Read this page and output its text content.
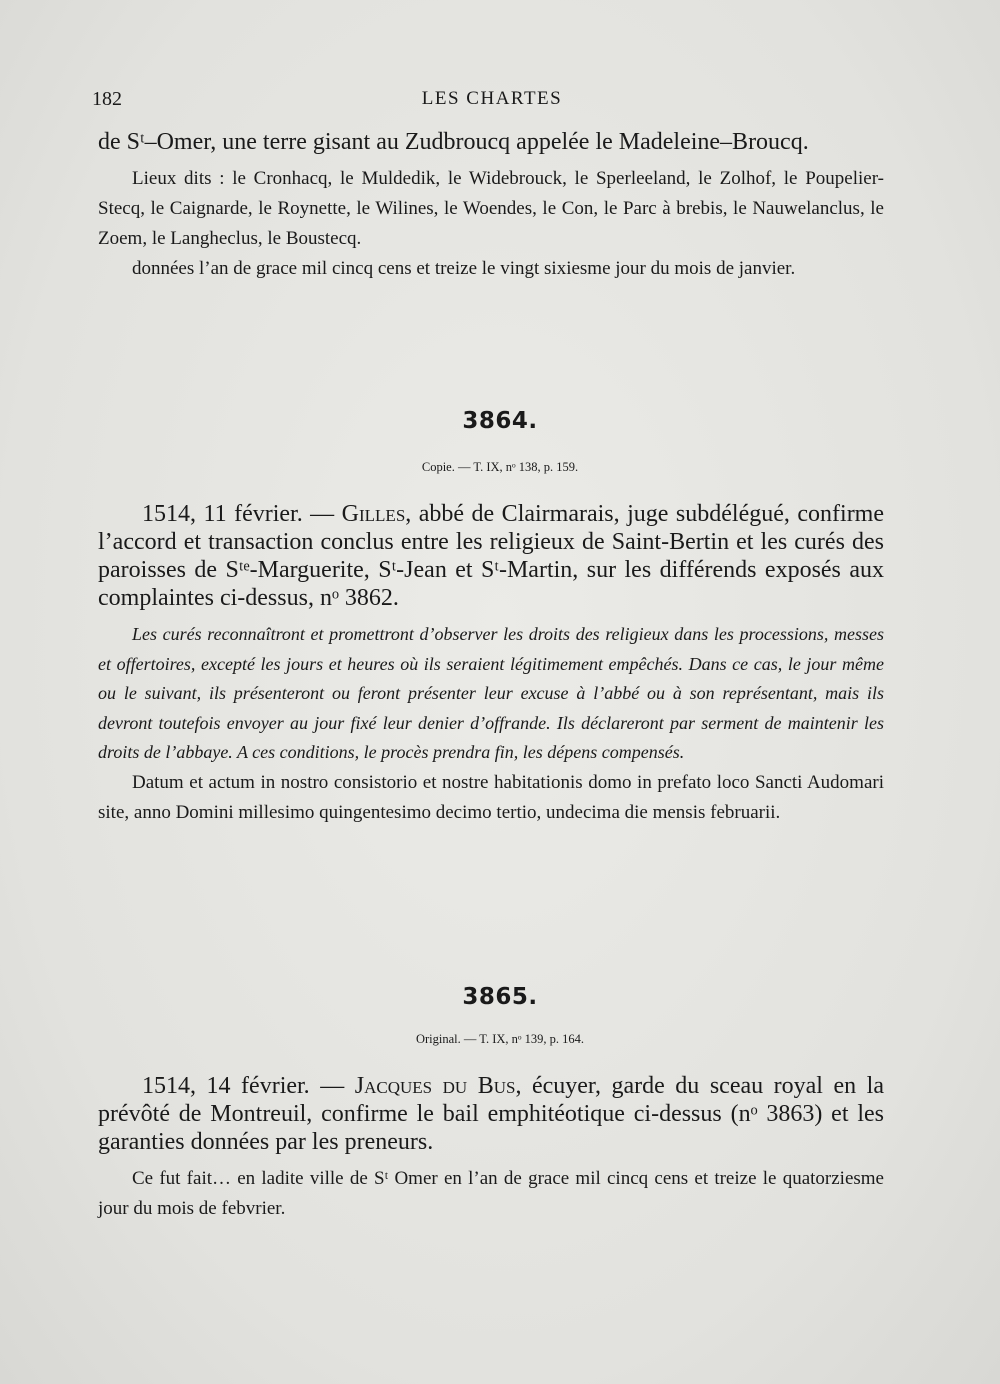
182	LES CHARTES

de Sᵗ–Omer, une terre gisant au Zudbroucq appelée le Madeleine–Broucq.

Lieux dits : le Cronhacq, le Muldedik, le Widebrouck, le Sperleeland, le Zolhof, le Poupelier-Stecq, le Caignarde, le Roynette, le Wilines, le Woendes, le Con, le Parc à brebis, le Nauwelanclus, le Zoem, le Langheclus, le Boustecq.

données l’an de grace mil cincq cens et treize le vingt sixiesme jour du mois de janvier.

3864.
Copie. — T. IX, nᵒ 138, p. 159.

1514, 11 février. — Gilles, abbé de Clairmarais, juge subdélégué, confirme l’accord et transaction conclus entre les religieux de Saint-Bertin et les curés des paroisses de Sᵗᵉ-Marguerite, Sᵗ-Jean et Sᵗ-Martin, sur les différends exposés aux complaintes ci-dessus, nᵒ 3862.

Les curés reconnaîtront et promettront d’observer les droits des religieux dans les processions, messes et offertoires, excepté les jours et heures où ils seraient légitimement empêchés. Dans ce cas, le jour même ou le suivant, ils présenteront ou feront présenter leur excuse à l’abbé ou à son représentant, mais ils devront toutefois envoyer au jour fixé leur denier d’offrande. Ils déclareront par serment de maintenir les droits de l’abbaye. A ces conditions, le procès prendra fin, les dépens compensés.

Datum et actum in nostro consistorio et nostre habitationis domo in prefato loco Sancti Audomari site, anno Domini millesimo quingentesimo decimo tertio, undecima die mensis februarii.

3865.
Original. — T. IX, nᵒ 139, p. 164.

1514, 14 février. — Jacques du Bus, écuyer, garde du sceau royal en la prévôté de Montreuil, confirme le bail emphitéotique ci-dessus (nᵒ 3863) et les garanties données par les preneurs.

Ce fut fait… en ladite ville de Sᵗ Omer en l’an de grace mil cincq cens et treize le quatorziesme jour du mois de febvrier.
